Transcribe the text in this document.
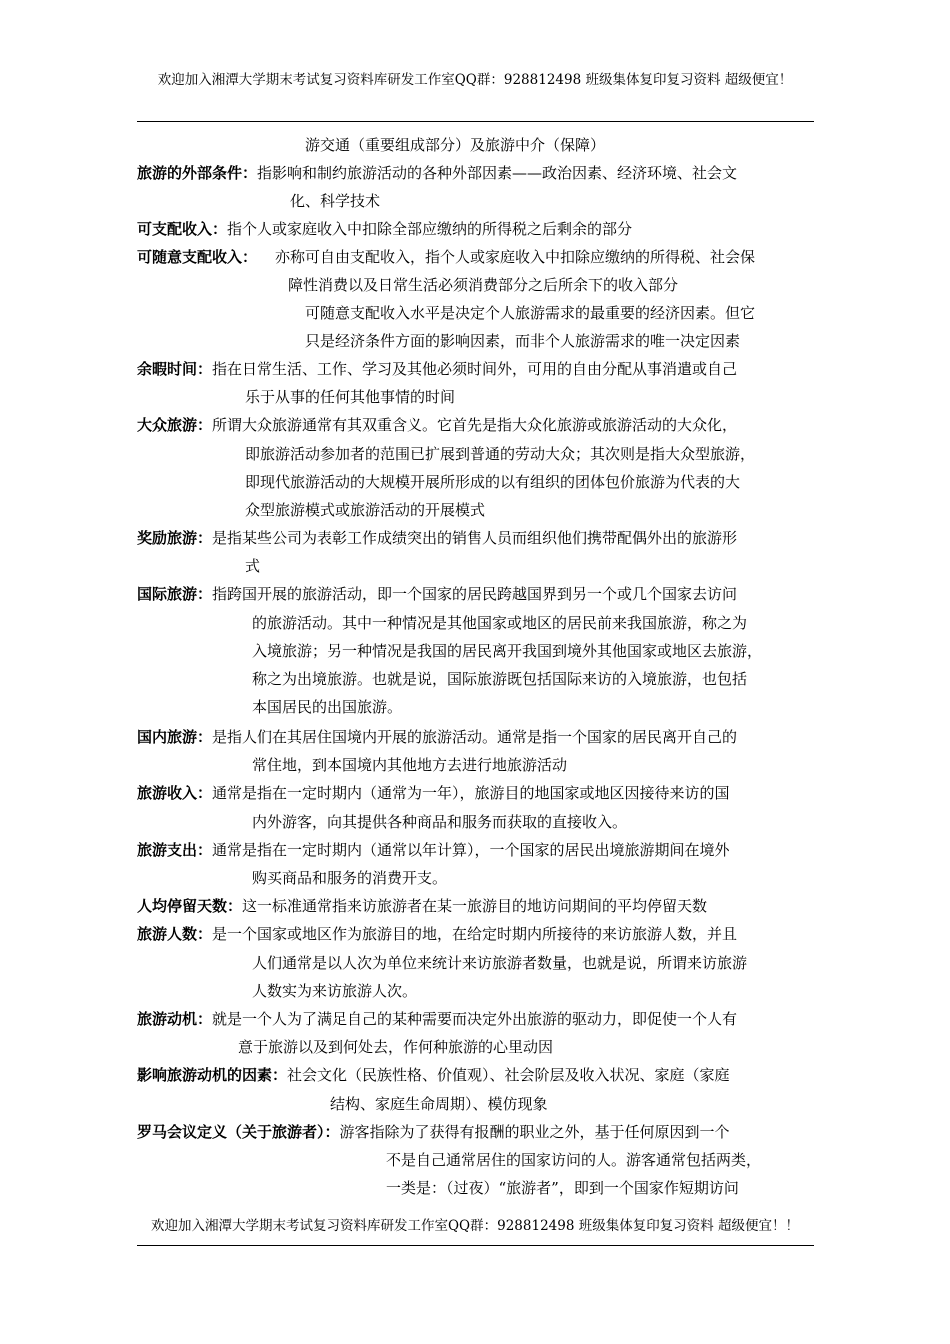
欢迎加入湘潭大学期末考试复习资料库研发工作室QQ群：928812498 班级集体复印复习资料 超级便宜！
游交通（重要组成部分）及旅游中介（保障）
旅游的外部条件：指影响和制约旅游活动的各种外部因素——政治因素、经济环境、社会文
化、科学技术
可支配收入：指个人或家庭收入中扣除全部应缴纳的所得税之后剩余的部分
可随意支配收入： 亦称可自由支配收入，指个人或家庭收入中扣除应缴纳的所得税、社会保
障性消费以及日常生活必须消费部分之后所余下的收入部分
可随意支配收入水平是决定个人旅游需求的最重要的经济因素。但它
只是经济条件方面的影响因素，而非个人旅游需求的唯一决定因素
余暇时间：指在日常生活、工作、学习及其他必须时间外，可用的自由分配从事消遣或自己
乐于从事的任何其他事情的时间
大众旅游：所谓大众旅游通常有其双重含义。它首先是指大众化旅游或旅游活动的大众化，
即旅游活动参加者的范围已扩展到普通的劳动大众；其次则是指大众型旅游，
即现代旅游活动的大规模开展所形成的以有组织的团体包价旅游为代表的大
众型旅游模式或旅游活动的开展模式
奖励旅游：是指某些公司为表彰工作成绩突出的销售人员而组织他们携带配偶外出的旅游形
式
国际旅游：指跨国开展的旅游活动，即一个国家的居民跨越国界到另一个或几个国家去访问
的旅游活动。其中一种情况是其他国家或地区的居民前来我国旅游，称之为
入境旅游；另一种情况是我国的居民离开我国到境外其他国家或地区去旅游，
称之为出境旅游。也就是说，国际旅游既包括国际来访的入境旅游，也包括
本国居民的出国旅游。
国内旅游：是指人们在其居住国境内开展的旅游活动。通常是指一个国家的居民离开自己的
常住地，到本国境内其他地方去进行地旅游活动
旅游收入：通常是指在一定时期内（通常为一年），旅游目的地国家或地区因接待来访的国
内外游客，向其提供各种商品和服务而获取的直接收入。
旅游支出：通常是指在一定时期内（通常以年计算），一个国家的居民出境旅游期间在境外
购买商品和服务的消费开支。
人均停留天数：这一标准通常指来访旅游者在某一旅游目的地访问期间的平均停留天数
旅游人数：是一个国家或地区作为旅游目的地，在给定时期内所接待的来访旅游人数，并且
人们通常是以人次为单位来统计来访旅游者数量，也就是说，所谓来访旅游
人数实为来访旅游人次。
旅游动机：就是一个人为了满足自己的某种需要而决定外出旅游的驱动力，即促使一个人有
意于旅游以及到何处去，作何种旅游的心里动因
影响旅游动机的因素：社会文化（民族性格、价值观）、社会阶层及收入状况、家庭（家庭
结构、家庭生命周期）、模仿现象
罗马会议定义（关于旅游者）：游客指除为了获得有报酬的职业之外，基于任何原因到一个
不是自己通常居住的国家访问的人。游客通常包括两类，
一类是：（过夜）“旅游者”，即到一个国家作短期访问
欢迎加入湘潭大学期末考试复习资料库研发工作室QQ群：928812498 班级集体复印复习资料 超级便宜！！
